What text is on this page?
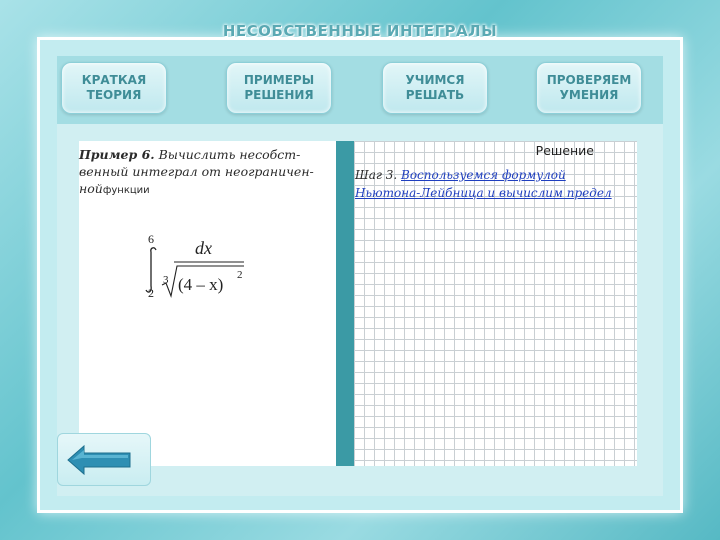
НЕСОБСТВЕННЫЕ ИНТЕГРАЛЫ
КРАТКАЯ
ТЕОРИЯ
ПРИМЕРЫ
РЕШЕНИЯ
УЧИМСЯ
РЕШАТЬ
ПРОВЕРЯЕМ
УМЕНИЯ
Пример 6. Вычислить несобст-
венный интеграл от неограничен-
нойфункции
6
2
dx
3 (4 – x) 2
Решение
Шаг 3. Воспользуемся формулой
Ньютона-Лейбница и вычислим предел
